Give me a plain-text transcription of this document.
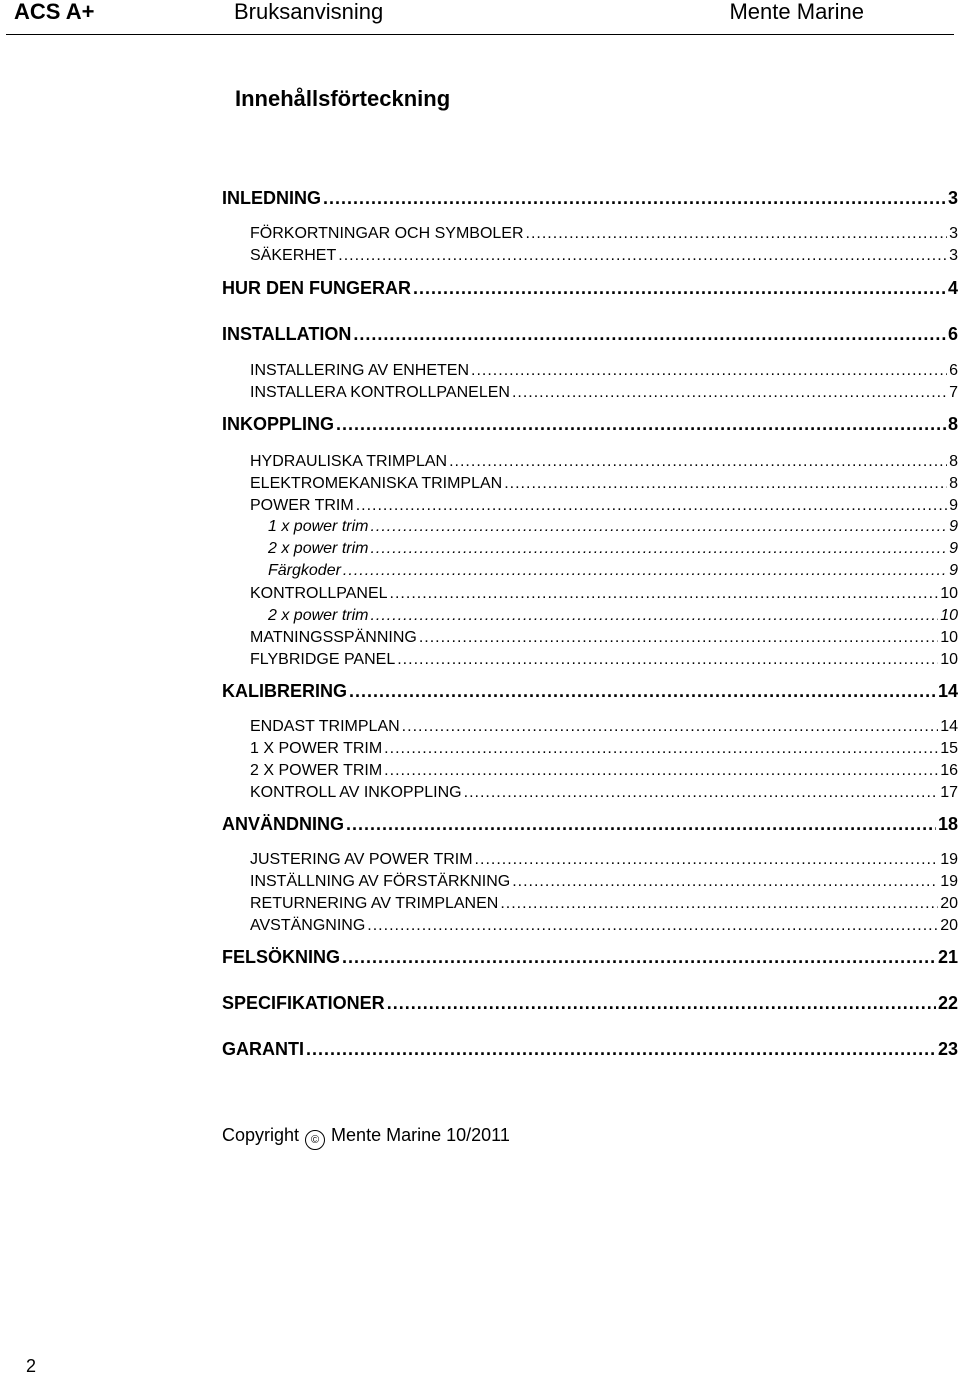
ACS A+	Bruksanvisning	Mente Marine
Innehållsförteckning
INLEDNING .....	3
FÖRKORTNINGAR OCH SYMBOLER .....	3
SÄKERHET .....	3
HUR DEN FUNGERAR .....	4
INSTALLATION .....	6
INSTALLERING AV ENHETEN .....	6
INSTALLERA KONTROLLPANELEN .....	7
INKOPPLING .....	8
HYDRAULISKA TRIMPLAN .....	8
ELEKTROMEKANISKA TRIMPLAN .....	8
POWER TRIM .....	9
1 x power trim .....	9
2 x power trim .....	9
Färgkoder .....	9
KONTROLLPANEL .....	10
2 x power trim .....	10
MATNINGSSPÄNNING .....	10
FLYBRIDGE PANEL .....	10
KALIBRERING .....	14
ENDAST TRIMPLAN .....	14
1 X POWER TRIM .....	15
2 X POWER TRIM .....	16
KONTROLL AV INKOPPLING .....	17
ANVÄNDNING .....	18
JUSTERING AV POWER TRIM .....	19
INSTÄLLNING AV FÖRSTÄRKNING .....	19
RETURNERING AV TRIMPLANEN .....	20
AVSTÄNGNING .....	20
FELSÖKNING .....	21
SPECIFIKATIONER .....	22
GARANTI .....	23
Copyright © Mente Marine 10/2011
2
